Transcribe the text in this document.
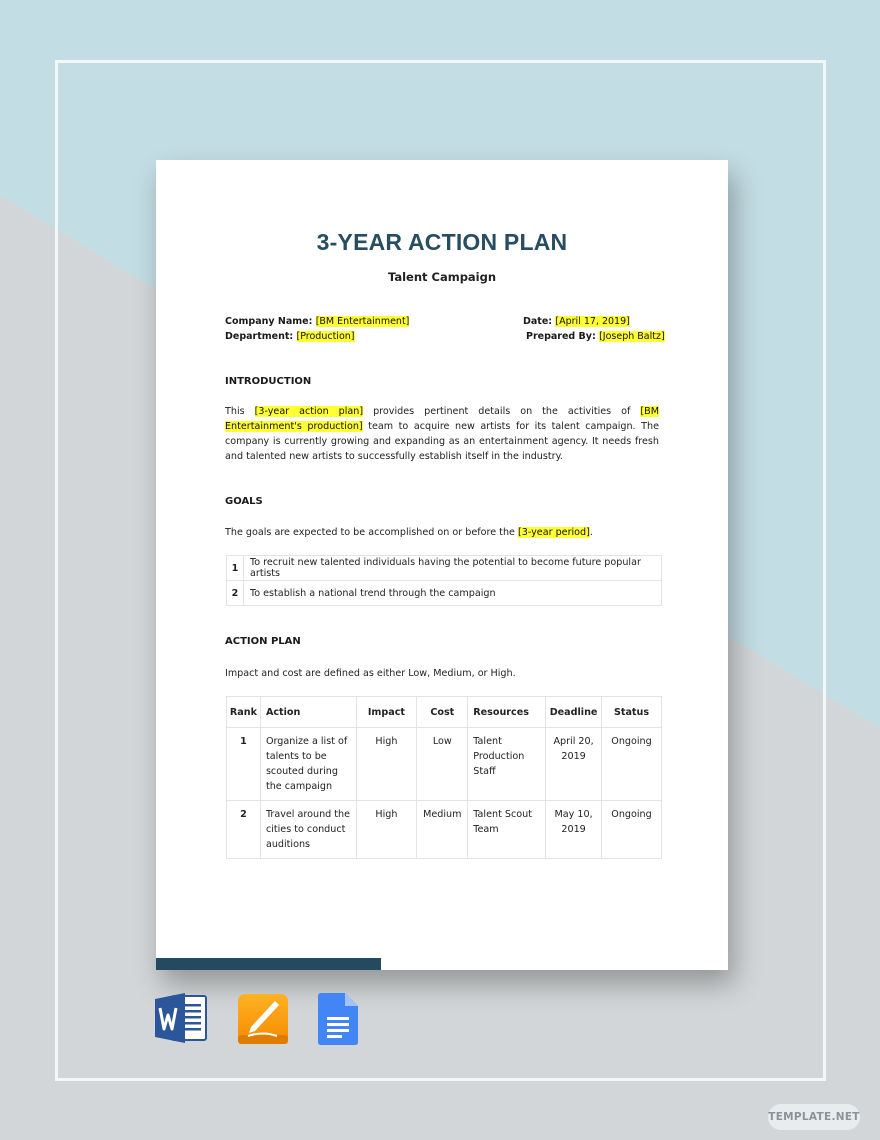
3-YEAR ACTION PLAN
Talent Campaign
Company Name: [BM Entertainment]
Department: [Production]
Date: [April 17, 2019]
Prepared By: [Joseph Baltz]
INTRODUCTION
This [3-year action plan] provides pertinent details on the activities of [BM Entertainment's production] team to acquire new artists for its talent campaign. The company is currently growing and expanding as an entertainment agency. It needs fresh and talented new artists to successfully establish itself in the industry.
GOALS
The goals are expected to be accomplished on or before the [3-year period].
1	To recruit new talented individuals having the potential to become future popular artists
2	To establish a national trend through the campaign
ACTION PLAN
Impact and cost are defined as either Low, Medium, or High.
Rank	Action	Impact	Cost	Resources	Deadline	Status
1	Organize a list of talents to be scouted during the campaign	High	Low	Talent Production Staff	April 20, 2019	Ongoing
2	Travel around the cities to conduct auditions	High	Medium	Talent Scout Team	May 10, 2019	Ongoing
TEMPLATE.NET
